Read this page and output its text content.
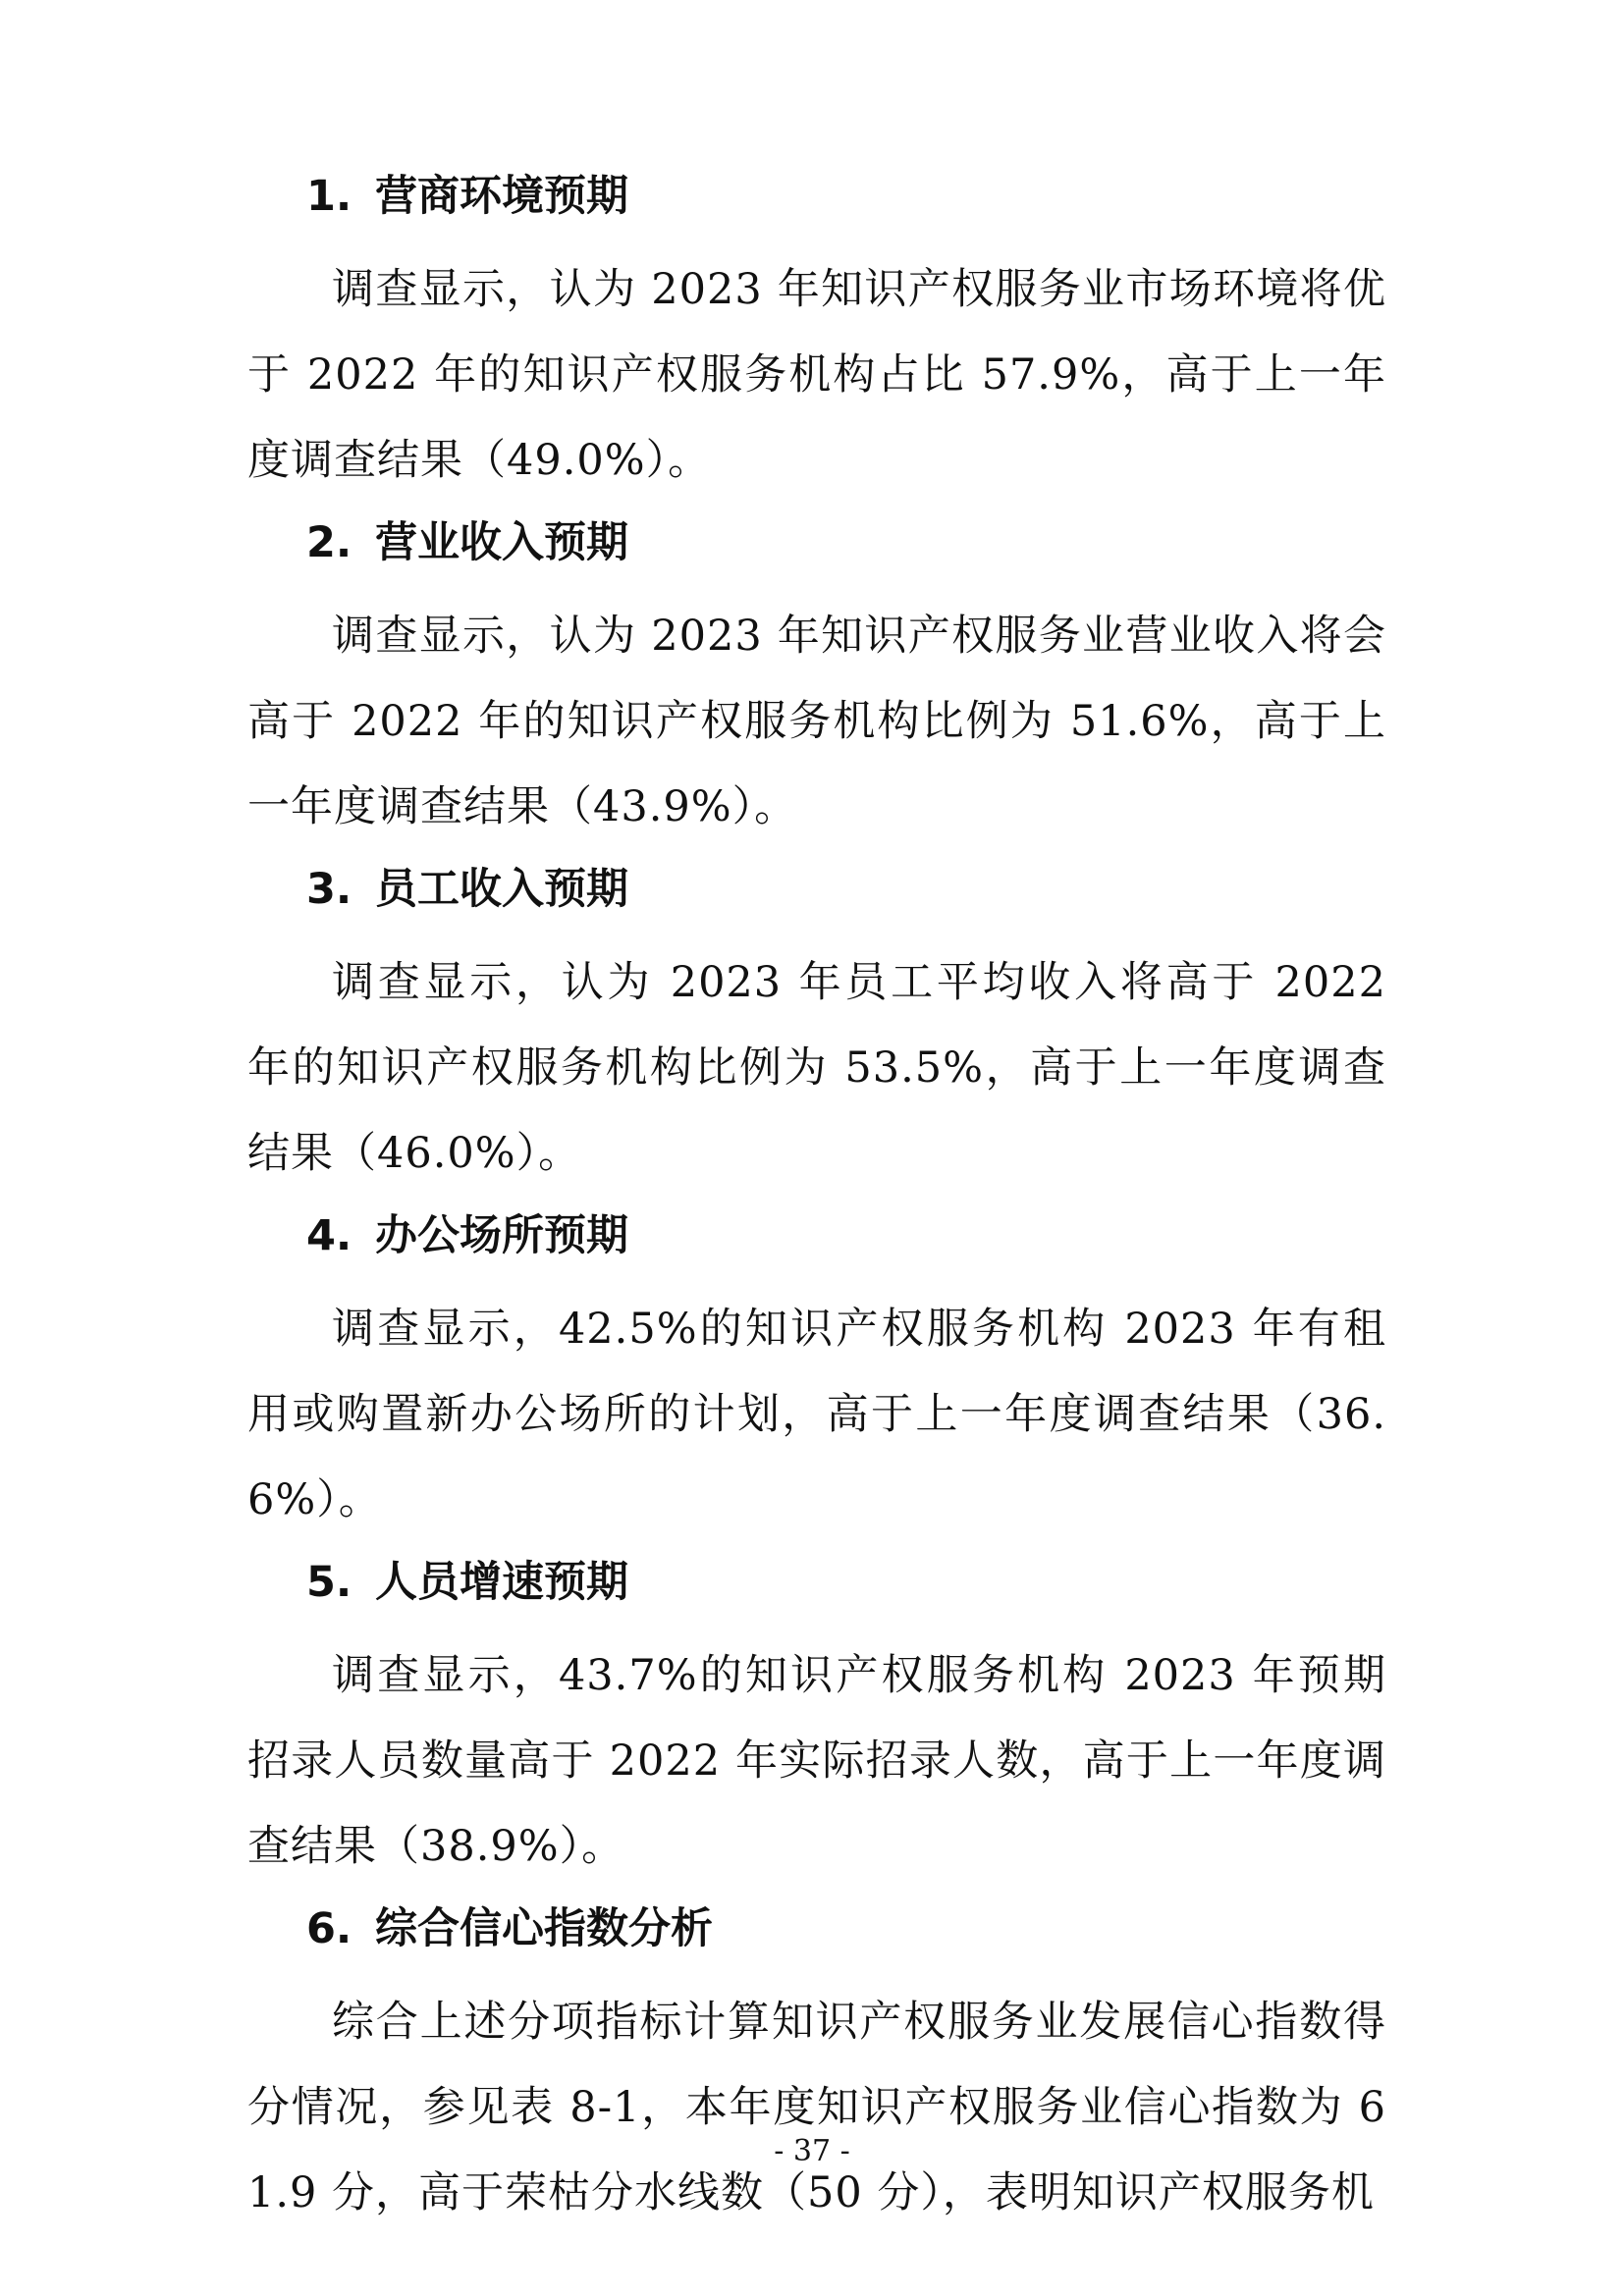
1. 营商环境预期

调查显示，认为 2023 年知识产权服务业市场环境将优于 2022 年的知识产权服务机构占比 57.9%，高于上一年度调查结果（49.0%）。

2. 营业收入预期

调查显示，认为 2023 年知识产权服务业营业收入将会高于 2022 年的知识产权服务机构比例为 51.6%，高于上一年度调查结果（43.9%）。

3. 员工收入预期

调查显示，认为 2023 年员工平均收入将高于 2022 年的知识产权服务机构比例为 53.5%，高于上一年度调查结果（46.0%）。

4. 办公场所预期

调查显示，42.5%的知识产权服务机构 2023 年有租用或购置新办公场所的计划，高于上一年度调查结果（36.6%）。

5. 人员增速预期

调查显示，43.7%的知识产权服务机构 2023 年预期招录人员数量高于 2022 年实际招录人数，高于上一年度调查结果（38.9%）。

6. 综合信心指数分析

综合上述分项指标计算知识产权服务业发展信心指数得分情况，参见表 8-1，本年度知识产权服务业信心指数为 61.9 分，高于荣枯分水线数（50 分），表明知识产权服务机

- 37 -
